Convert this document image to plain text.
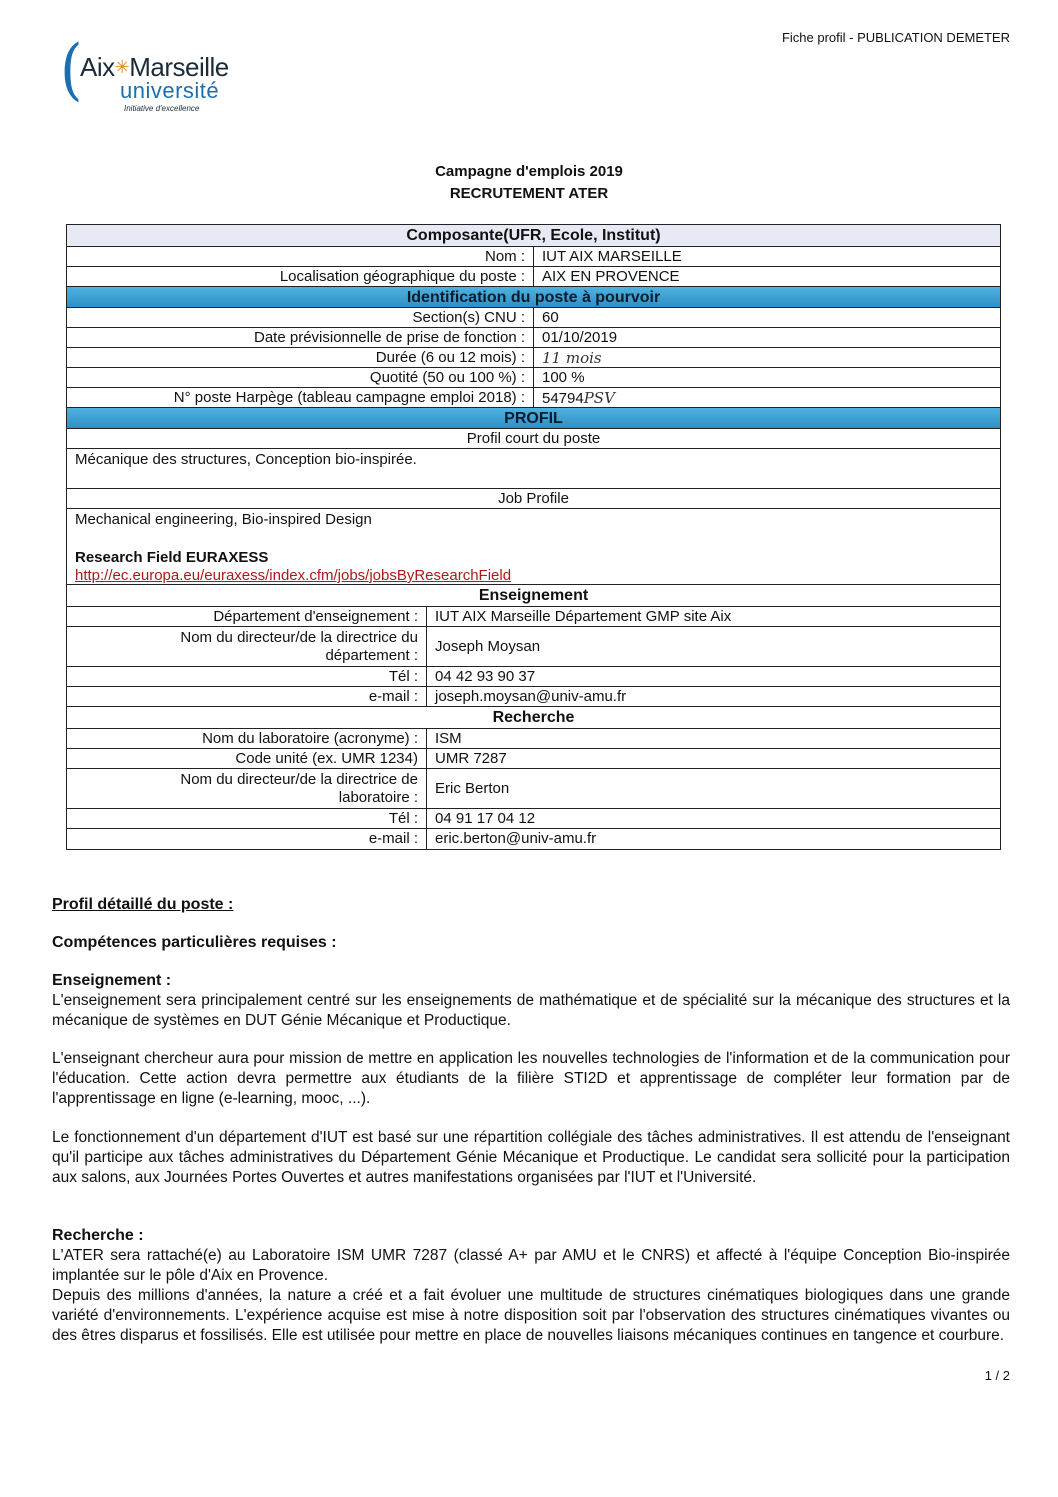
Fiche profil - PUBLICATION DEMETER
(
Aix✳Marseille
université
Initiative d'excellence
Campagne d'emplois 2019
RECRUTEMENT ATER
Composante(UFR, Ecole, Institut)
Nom :	IUT AIX MARSEILLE
Localisation géographique du poste :	AIX EN PROVENCE
Identification du poste à pourvoir
Section(s) CNU :	60
Date prévisionnelle de prise de fonction :	01/10/2019
Durée (6 ou 12 mois) :	11 mois
Quotité (50 ou 100 %) :	100 %
N° poste Harpège (tableau campagne emploi 2018) :	54794PSV
PROFIL
Profil court du poste
Mécanique des structures, Conception bio-inspirée.
Job Profile
Mechanical engineering, Bio-inspired Design
Research Field EURAXESS
http://ec.europa.eu/euraxess/index.cfm/jobs/jobsByResearchField
Enseignement
Département d'enseignement :	IUT AIX Marseille Département GMP site Aix
Nom du directeur/de la directrice du
département :
Joseph Moysan
Tél :	04 42 93 90 37
e-mail :	joseph.moysan@univ-amu.fr
Recherche
Nom du laboratoire (acronyme) :	ISM
Code unité (ex. UMR 1234)	UMR 7287
Nom du directeur/de la directrice de
laboratoire :
Eric Berton
Tél :	04 91 17 04 12
e-mail :	eric.berton@univ-amu.fr
Profil détaillé du poste :
Compétences particulières requises :
Enseignement :
L'enseignement sera principalement centré sur les enseignements de mathématique et de spécialité sur la mécanique des structures et la mécanique de systèmes en DUT Génie Mécanique et Productique.
L'enseignant chercheur aura pour mission de mettre en application les nouvelles technologies de l'information et de la communication pour l'éducation. Cette action devra permettre aux étudiants de la filière STI2D et apprentissage de compléter leur formation par de l'apprentissage en ligne (e-learning, mooc, ...).
Le fonctionnement d'un département d'IUT est basé sur une répartition collégiale des tâches administratives. Il est attendu de l'enseignant qu'il participe aux tâches administratives du Département Génie Mécanique et Productique. Le candidat sera sollicité pour la participation aux salons, aux Journées Portes Ouvertes et autres manifestations organisées par l'IUT et l'Université.
Recherche :
L'ATER sera rattaché(e) au Laboratoire ISM UMR 7287 (classé A+ par AMU et le CNRS) et affecté à l'équipe Conception Bio-inspirée implantée sur le pôle d'Aix en Provence.
Depuis des millions d'années, la nature a créé et a fait évoluer une multitude de structures cinématiques biologiques dans une grande variété d'environnements. L'expérience acquise est mise à notre disposition soit par l'observation des structures cinématiques vivantes ou des êtres disparus et fossilisés. Elle est utilisée pour mettre en place de nouvelles liaisons mécaniques continues en tangence et courbure.
1 / 2
